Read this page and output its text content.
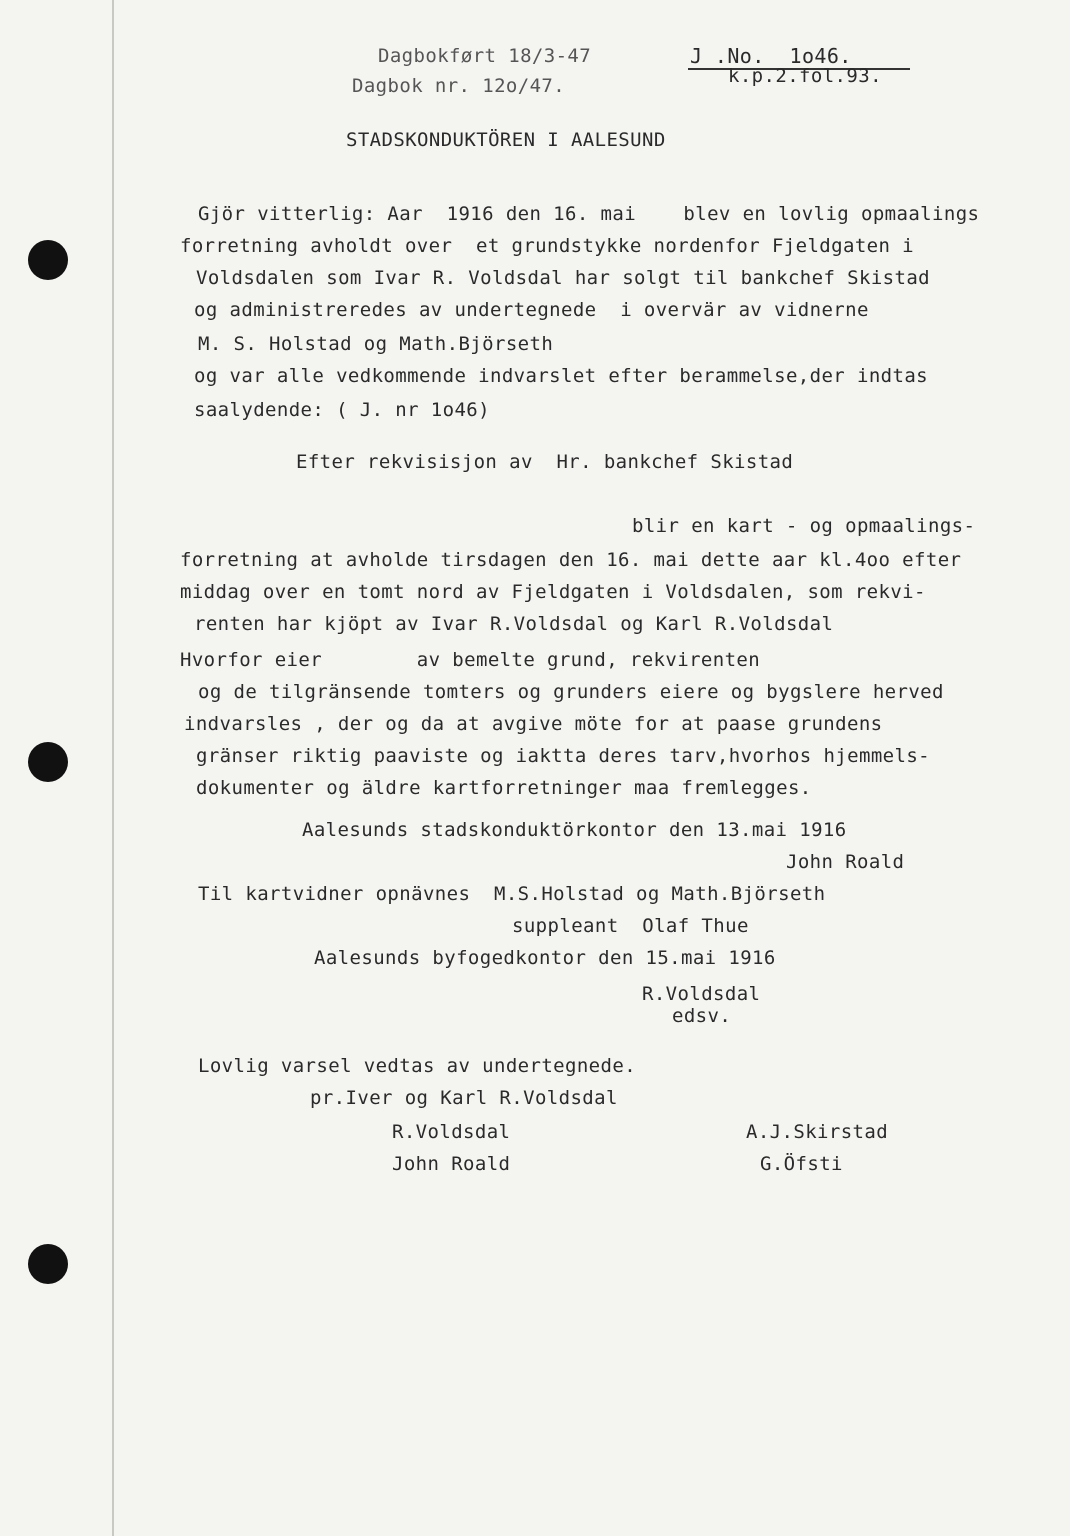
Dagbokført 18/3-47
Dagbok nr. 12o/47.
J .No.  1o46.
k.p.2.fol.93.
STADSKONDUKTÖREN I AALESUND
Gjör vitterlig: Aar  1916 den 16. mai    blev en lovlig opmaalings
forretning avholdt over  et grundstykke nordenfor Fjeldgaten i
Voldsdalen som Ivar R. Voldsdal har solgt til bankchef Skistad
og administreredes av undertegnede  i overvär av vidnerne
M. S. Holstad og Math.Björseth
og var alle vedkommende indvarslet efter berammelse,der indtas
saalydende: ( J. nr 1o46)
Efter rekvisisjon av  Hr. bankchef Skistad
blir en kart - og opmaalings-
forretning at avholde tirsdagen den 16. mai dette aar kl.4oo efter
middag over en tomt nord av Fjeldgaten i Voldsdalen, som rekvi-
renten har kjöpt av Ivar R.Voldsdal og Karl R.Voldsdal
Hvorfor eier        av bemelte grund, rekvirenten
og de tilgränsende tomters og grunders eiere og bygslere herved
indvarsles , der og da at avgive möte for at paase grundens
gränser riktig paaviste og iaktta deres tarv,hvorhos hjemmels-
dokumenter og äldre kartforretninger maa fremlegges.
Aalesunds stadskonduktörkontor den 13.mai 1916
John Roald
Til kartvidner opnävnes  M.S.Holstad og Math.Björseth
suppleant  Olaf Thue
Aalesunds byfogedkontor den 15.mai 1916
R.Voldsdal
edsv.
Lovlig varsel vedtas av undertegnede.
pr.Iver og Karl R.Voldsdal
R.Voldsdal
John Roald
A.J.Skirstad
G.Öfsti
